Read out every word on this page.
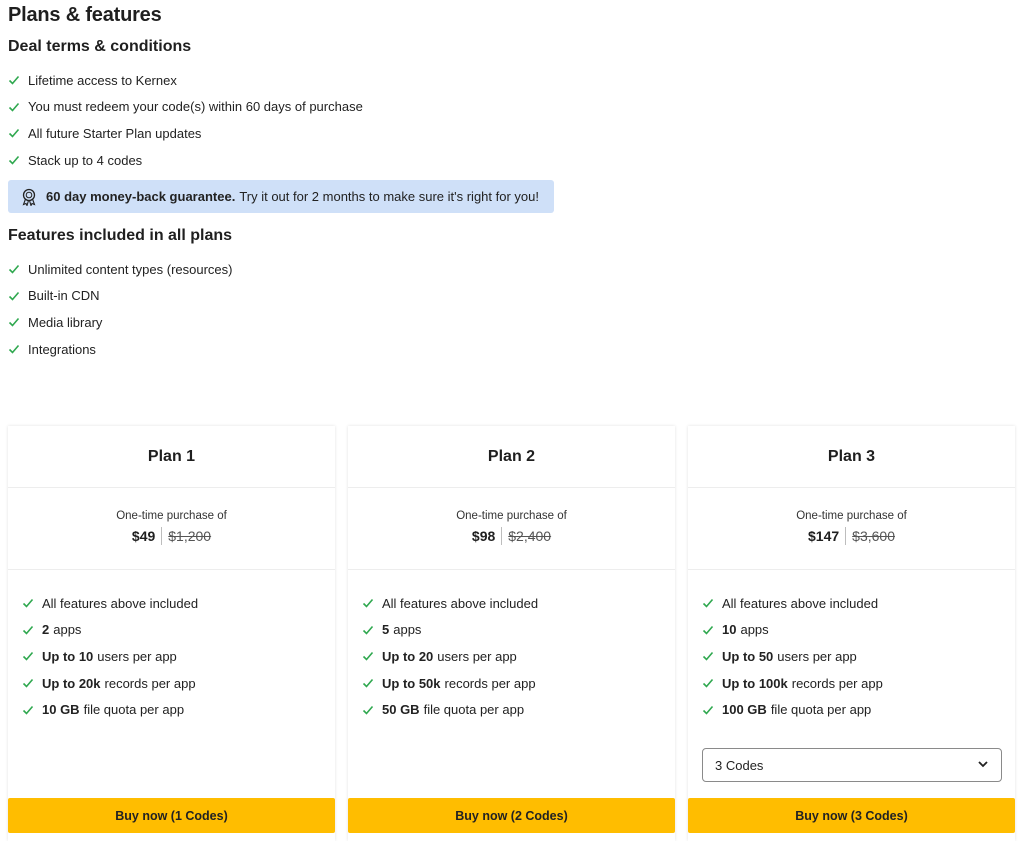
Plans & features
Deal terms & conditions
Lifetime access to Kernex
You must redeem your code(s) within 60 days of purchase
All future Starter Plan updates
Stack up to 4 codes
60 day money-back guarantee. Try it out for 2 months to make sure it's right for you!
Features included in all plans
Unlimited content types (resources)
Built-in CDN
Media library
Integrations
Plan 1
One-time purchase of
$49 $1,200
All features above included
2 apps
Up to 10 users per app
Up to 20k records per app
10 GB file quota per app
Buy now (1 Codes)
Plan 2
One-time purchase of
$98 $2,400
All features above included
5 apps
Up to 20 users per app
Up to 50k records per app
50 GB file quota per app
Buy now (2 Codes)
Plan 3
One-time purchase of
$147 $3,600
All features above included
10 apps
Up to 50 users per app
Up to 100k records per app
100 GB file quota per app
3 Codes
Buy now (3 Codes)
